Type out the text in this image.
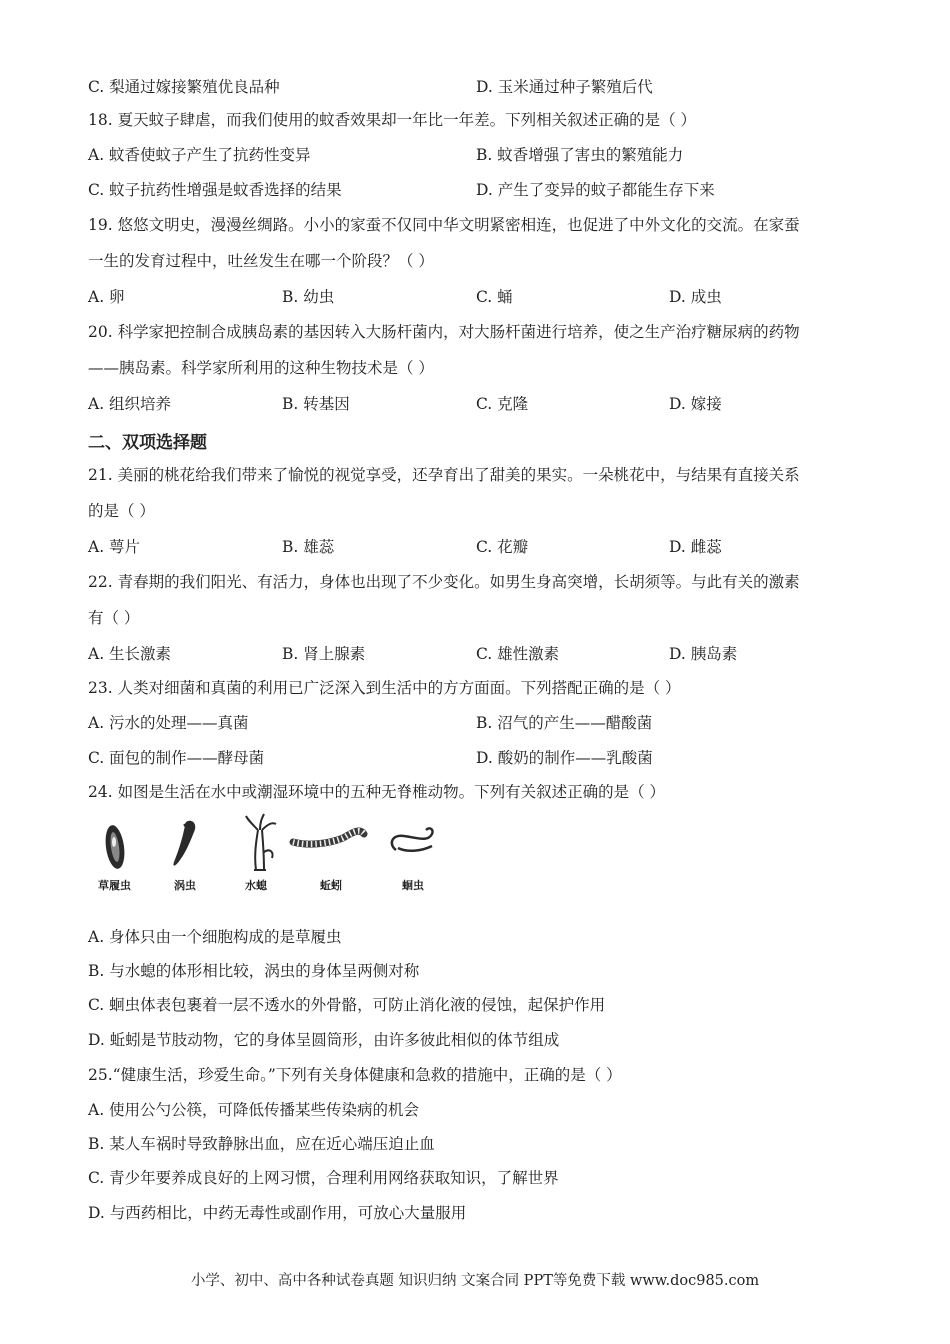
C. 梨通过嫁接繁殖优良品种	D. 玉米通过种子繁殖后代
18. 夏天蚊子肆虐，而我们使用的蚊香效果却一年比一年差。下列相关叙述正确的是（ ）
A. 蚊香使蚊子产生了抗药性变异	B. 蚊香增强了害虫的繁殖能力
C. 蚊子抗药性增强是蚊香选择的结果	D. 产生了变异的蚊子都能生存下来
19. 悠悠文明史，漫漫丝绸路。小小的家蚕不仅同中华文明紧密相连，也促进了中外文化的交流。在家蚕
一生的发育过程中，吐丝发生在哪一个阶段？（ ）
A. 卵	B. 幼虫	C. 蛹	D. 成虫
20. 科学家把控制合成胰岛素的基因转入大肠杆菌内，对大肠杆菌进行培养，使之生产治疗糖尿病的药物
——胰岛素。科学家所利用的这种生物技术是（ ）
A. 组织培养	B. 转基因	C. 克隆	D. 嫁接
二、双项选择题
21. 美丽的桃花给我们带来了愉悦的视觉享受，还孕育出了甜美的果实。一朵桃花中，与结果有直接关系
的是（ ）
A. 萼片	B. 雄蕊	C. 花瓣	D. 雌蕊
22. 青春期的我们阳光、有活力，身体也出现了不少变化。如男生身高突增，长胡须等。与此有关的激素
有（ ）
A. 生长激素	B. 肾上腺素	C. 雄性激素	D. 胰岛素
23. 人类对细菌和真菌的利用已广泛深入到生活中的方方面面。下列搭配正确的是（ ）
A. 污水的处理——真菌	B. 沼气的产生——醋酸菌
C. 面包的制作——酵母菌	D. 酸奶的制作——乳酸菌
24. 如图是生活在水中或潮湿环境中的五种无脊椎动物。下列有关叙述正确的是（ ）
草履虫	涡虫	水螅	蚯蚓	蛔虫
A. 身体只由一个细胞构成的是草履虫
B. 与水螅的体形相比较，涡虫的身体呈两侧对称
C. 蛔虫体表包裹着一层不透水的外骨骼，可防止消化液的侵蚀，起保护作用
D. 蚯蚓是节肢动物，它的身体呈圆筒形，由许多彼此相似的体节组成
25.“健康生活，珍爱生命。”下列有关身体健康和急救的措施中，正确的是（ ）
A. 使用公勺公筷，可降低传播某些传染病的机会
B. 某人车祸时导致静脉出血，应在近心端压迫止血
C. 青少年要养成良好的上网习惯，合理利用网络获取知识，了解世界
D. 与西药相比，中药无毒性或副作用，可放心大量服用
小学、初中、高中各种试卷真题 知识归纳 文案合同 PPT等免费下载 www.doc985.com
